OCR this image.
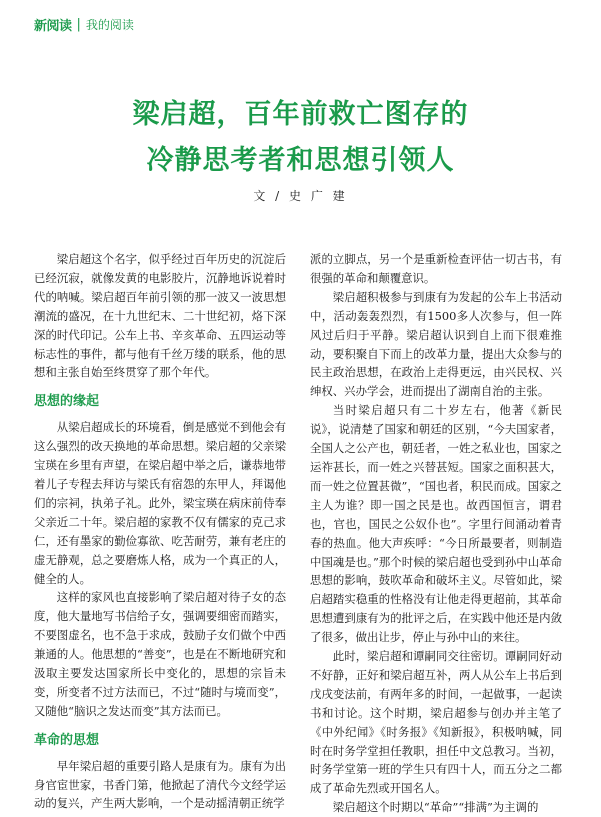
新阅读 | 我的阅读
梁启超，百年前救亡图存的
冷静思考者和思想引领人
文 / 史 广 建

梁启超这个名字，似乎经过百年历史的沉淀后已经沉寂，就像发黄的电影胶片，沉静地诉说着时代的呐喊。梁启超百年前引领的那一波又一波思想潮流的盛况，在十九世纪末、二十世纪初，烙下深深的时代印记。公车上书、辛亥革命、五四运动等标志性的事件，都与他有千丝万缕的联系，他的思想和主张自始至终贯穿了那个年代。

思想的缘起

从梁启超成长的环境看，倒是感觉不到他会有这么强烈的改天换地的革命思想。梁启超的父亲梁宝瑛在乡里有声望，在梁启超中举之后，谦恭地带着儿子专程去拜访与梁氏有宿怨的东甲人，拜谒他们的宗祠，执弟子礼。此外，梁宝瑛在病床前侍奉父亲近二十年。梁启超的家教不仅有儒家的克己求仁，还有墨家的勤俭寡欲、吃苦耐劳，兼有老庄的虚无静观，总之要磨炼人格，成为一个真正的人，健全的人。

这样的家风也直接影响了梁启超对待子女的态度，他大量地写书信给子女，强调要细密而踏实，不要图虚名，也不急于求成，鼓励子女们做个中西兼通的人。他思想的“善变”，也是在不断地研究和汲取主要发达国家所长中变化的，思想的宗旨未变，所变者不过方法而已，不过“随时与境而变”，又随他“脑识之发达而变”其方法而已。

革命的思想

早年梁启超的重要引路人是康有为。康有为出身官宦世家，书香门第，他掀起了清代今文经学运动的复兴，产生两大影响，一个是动摇清朝正统学

派的立脚点，另一个是重新检查评估一切古书，有很强的革命和颠覆意识。

梁启超积极参与到康有为发起的公车上书活动中，活动轰轰烈烈，有1500多人次参与，但一阵风过后归于平静。梁启超认识到自上而下很难推动，要积聚自下而上的改革力量，提出大众参与的民主政治思想，在政治上走得更远，由兴民权、兴绅权、兴办学会，进而提出了湖南自治的主张。

当时梁启超只有二十岁左右，他著《新民说》，说清楚了国家和朝廷的区别，“今夫国家者，全国人之公产也，朝廷者，一姓之私业也，国家之运祚甚长，而一姓之兴替甚短。国家之面积甚大，而一姓之位置甚微”，“国也者，积民而成。国家之主人为谁？即一国之民是也。故西国恒言，谓君也，官也，国民之公奴仆也”。字里行间涌动着青春的热血。他大声疾呼：“今日所最要者，则制造中国魂是也。”那个时候的梁启超也受到孙中山革命思想的影响，鼓吹革命和破坏主义。尽管如此，梁启超踏实稳重的性格没有让他走得更超前，其革命思想遭到康有为的批评之后，在实践中他还是内敛了很多，做出让步，停止与孙中山的来往。

此时，梁启超和谭嗣同交往密切。谭嗣同好动不好静，正好和梁启超互补，两人从公车上书后到戊戌变法前，有两年多的时间，一起做事，一起读书和讨论。这个时期，梁启超参与创办并主笔了《中外纪闻》《时务报》《知新报》，积极呐喊，同时在时务学堂担任教职，担任中文总教习。当初，时务学堂第一班的学生只有四十人，而五分之二都成了革命先烈或开国名人。

梁启超这个时期以“革命”“排满”为主调的
